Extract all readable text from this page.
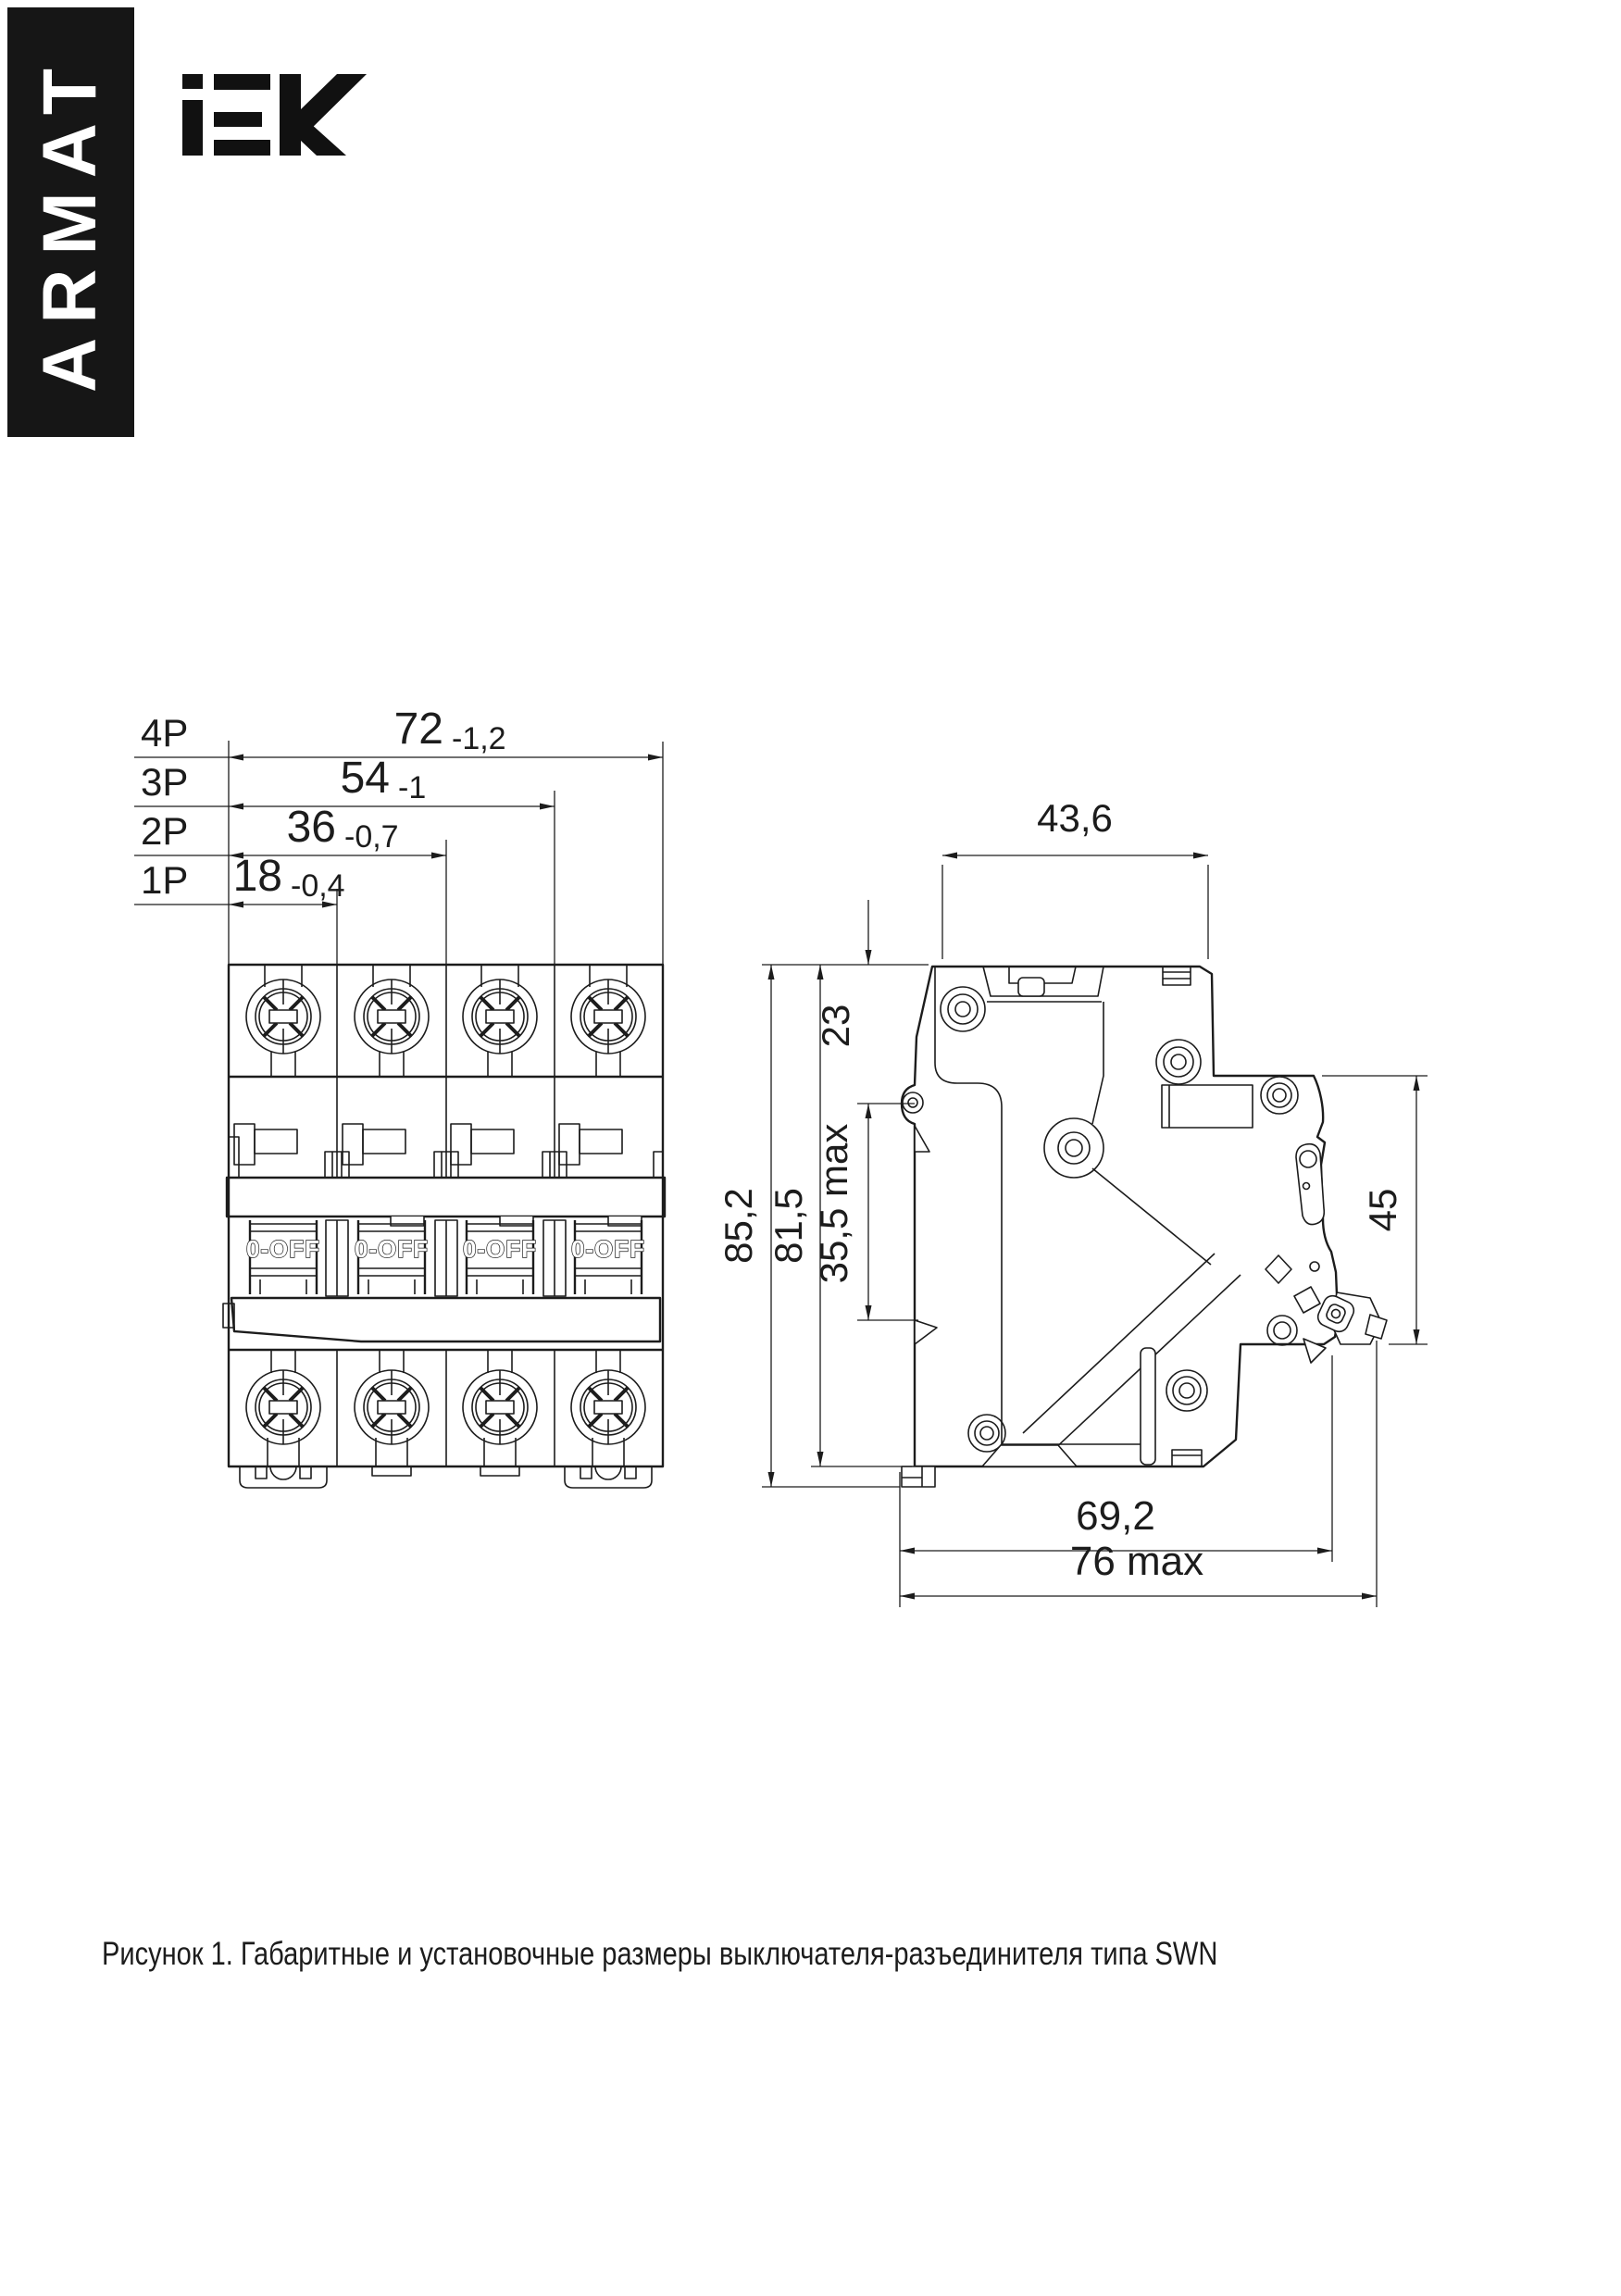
ARMAT
4P	72 -1,2
3P	54 -1
2P 36 -0,7
1P 18 -0,4
0-OFF 0-OFF 0-OFF 0-OFF
43,6
85,2 81,5
23
35,5 max	45
69,2
76 max
Рисунок 1. Габаритные и установочные размеры выключателя-разъединителя типа SWN
